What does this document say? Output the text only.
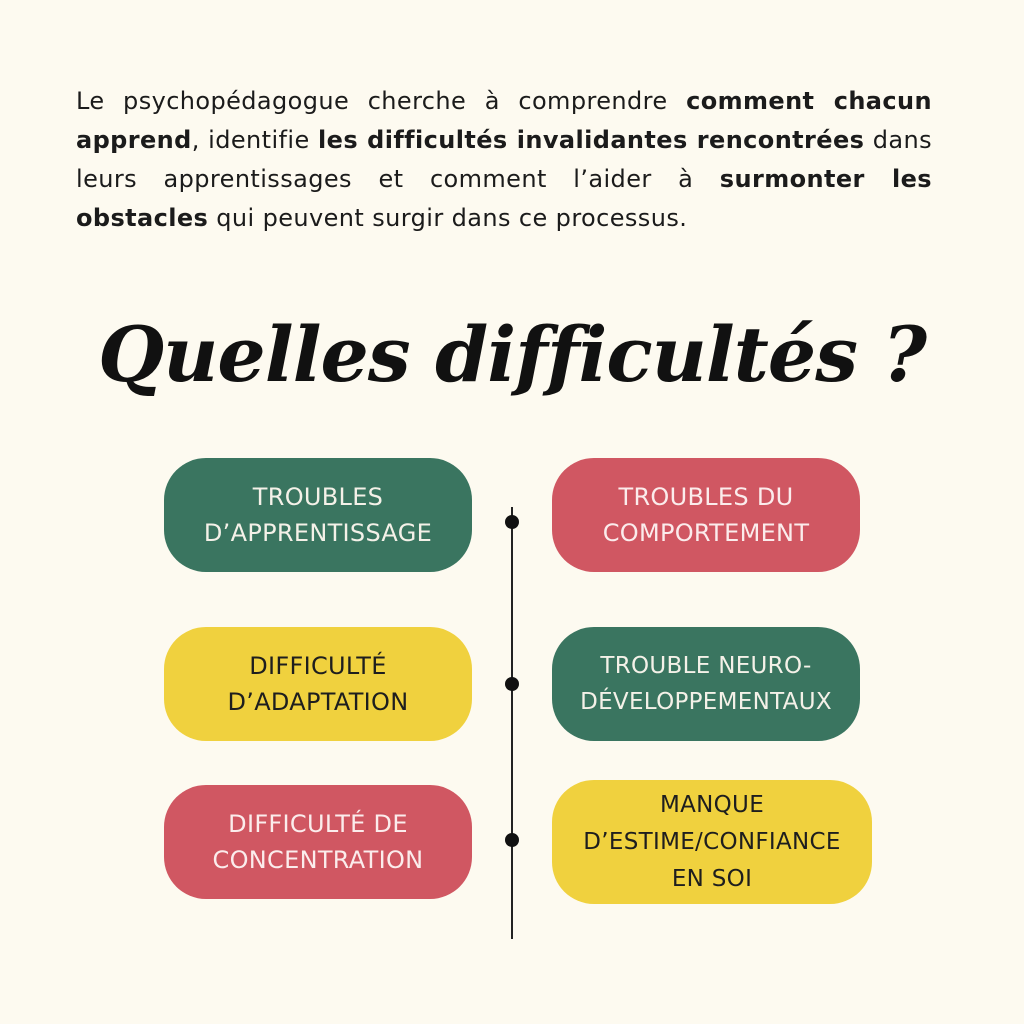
Le psychopédagogue cherche à comprendre comment chacun apprend, identifie les difficultés invalidantes rencontrées dans leurs apprentissages et comment l’aider à surmonter les obstacles qui peuvent surgir dans ce processus.

Quelles difficultés ?
TROUBLES
D’APPRENTISSAGE
DIFFICULTÉ
D’ADAPTATION
DIFFICULTÉ DE
CONCENTRATION
TROUBLES DU
COMPORTEMENT
TROUBLE NEURO-
DÉVELOPPEMENTAUX
MANQUE
D’ESTIME/CONFIANCE
EN SOI
